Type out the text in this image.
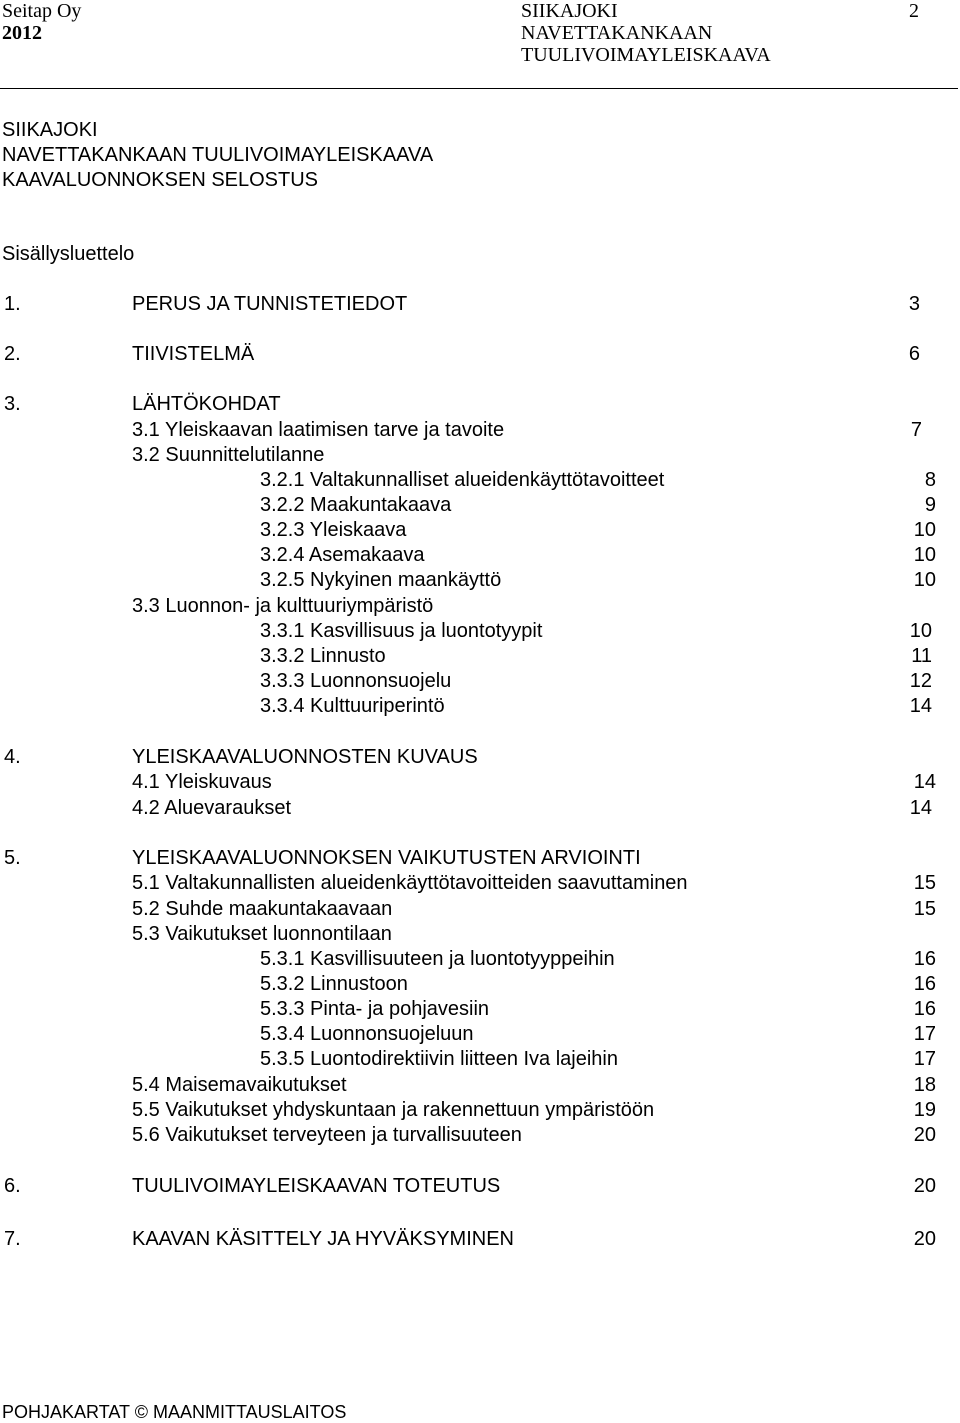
Seitap Oy
2012
SIIKAJOKI
NAVETTAKANKAAN
TUULIVOIMAYLEISKAAVA
2
SIIKAJOKI
NAVETTAKANKAAN TUULIVOIMAYLEISKAAVA
KAAVALUONNOKSEN SELOSTUS
Sisällysluettelo
1.	PERUS JA TUNNISTETIEDOT	3
2.	TIIVISTELMÄ	6
3.	LÄHTÖKOHDAT
3.1 Yleiskaavan laatimisen tarve ja tavoite	7
3.2 Suunnittelutilanne
3.2.1 Valtakunnalliset alueidenkäyttötavoitteet	8
3.2.2 Maakuntakaava	9
3.2.3 Yleiskaava	10
3.2.4 Asemakaava	10
3.2.5 Nykyinen maankäyttö	10
3.3 Luonnon- ja kulttuuriympäristö
3.3.1 Kasvillisuus ja luontotyypit	10
3.3.2 Linnusto	11
3.3.3 Luonnonsuojelu	12
3.3.4 Kulttuuriperintö	14
4.	YLEISKAAVALUONNOSTEN KUVAUS
4.1 Yleiskuvaus	14
4.2 Aluevaraukset	14
5.	YLEISKAAVALUONNOKSEN VAIKUTUSTEN ARVIOINTI
5.1 Valtakunnallisten alueidenkäyttötavoitteiden saavuttaminen	15
5.2 Suhde maakuntakaavaan	15
5.3 Vaikutukset luonnontilaan
5.3.1 Kasvillisuuteen ja luontotyyppeihin	16
5.3.2 Linnustoon	16
5.3.3 Pinta- ja pohjavesiin	16
5.3.4 Luonnonsuojeluun	17
5.3.5 Luontodirektiivin liitteen Iva lajeihin	17
5.4 Maisemavaikutukset	18
5.5 Vaikutukset yhdyskuntaan ja rakennettuun ympäristöön	19
5.6 Vaikutukset terveyteen ja turvallisuuteen	20
6.	TUULIVOIMAYLEISKAAVAN TOTEUTUS	20
7.	KAAVAN KÄSITTELY JA HYVÄKSYMINEN	20
POHJAKARTAT © MAANMITTAUSLAITOS
